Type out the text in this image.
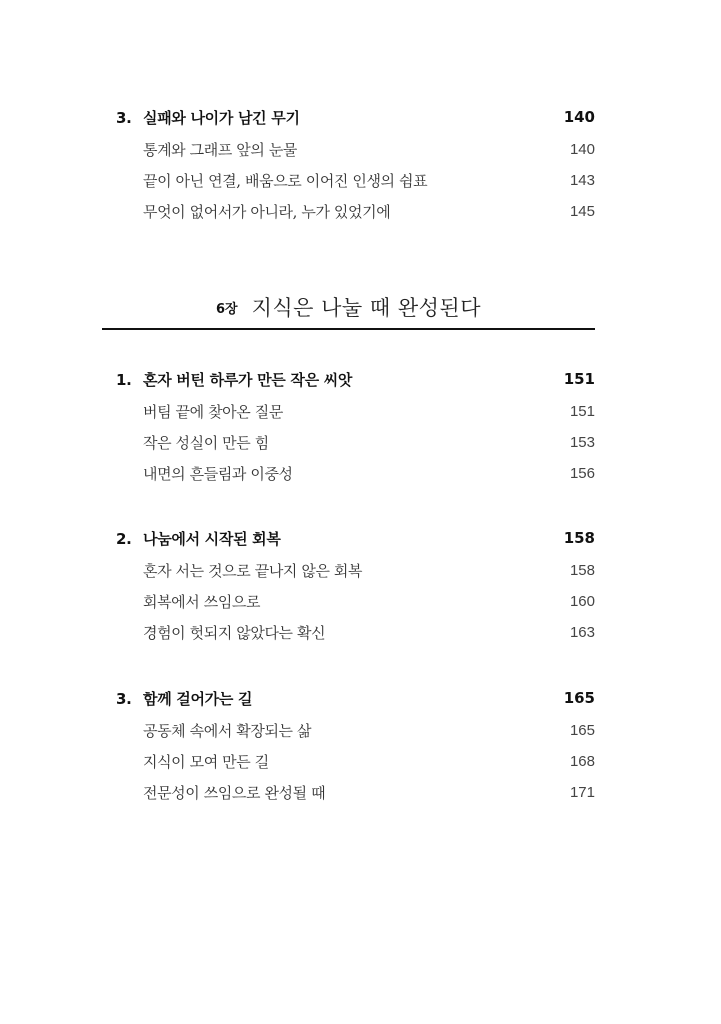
3. 실패와 나이가 남긴 무기	140
통계와 그래프 앞의 눈물	140
끝이 아닌 연결, 배움으로 이어진 인생의 쉼표	143
무엇이 없어서가 아니라, 누가 있었기에	145
6장 지식은 나눌 때 완성된다
1. 혼자 버틴 하루가 만든 작은 씨앗	151
버팀 끝에 찾아온 질문	151
작은 성실이 만든 힘	153
내면의 흔들림과 이중성	156
2. 나눔에서 시작된 회복	158
혼자 서는 것으로 끝나지 않은 회복	158
회복에서 쓰임으로	160
경험이 헛되지 않았다는 확신	163
3. 함께 걸어가는 길	165
공동체 속에서 확장되는 삶	165
지식이 모여 만든 길	168
전문성이 쓰임으로 완성될 때	171
